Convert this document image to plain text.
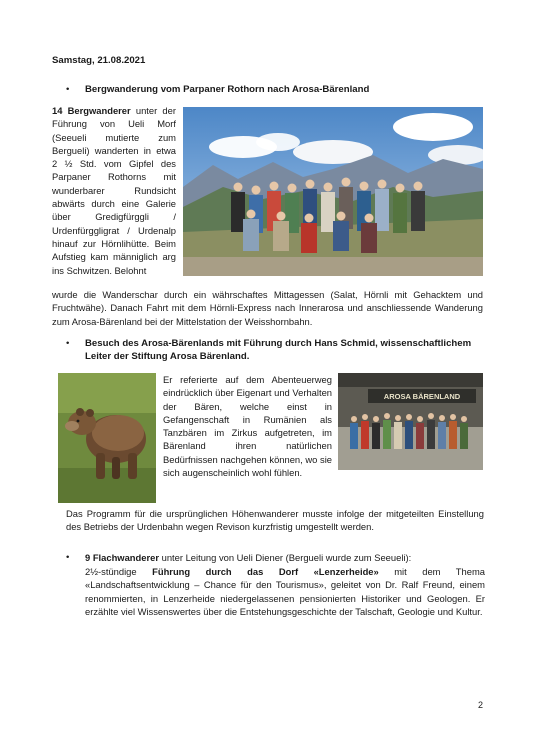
Samstag, 21.08.2021
• Bergwanderung vom Parpaner Rothorn nach Arosa-Bärenland

14 Bergwanderer unter der Führung von Ueli Morf (Seeueli mutierte zum Bergueli) wanderten in etwa 2 ½ Std. vom Gipfel des Parpaner Rothorns mit wunderbarer Rundsicht abwärts durch eine Galerie über Gredigfürggli / Urdenfürggligrat / Urdenalp hinauf zur Hörnlihütte. Beim Aufstieg kam männiglich arg ins Schwitzen. Belohnt

wurde die Wanderschar durch ein währschaftes Mittagessen (Salat, Hörnli mit Gehacktem und Fruchtwähe). Danach Fahrt mit dem Hörnli-Express nach Innerarosa und anschliessende Wanderung zum Arosa-Bärenland bei der Mittelstation der Weisshornbahn.

• Besuch des Arosa-Bärenlands mit Führung durch Hans Schmid, wissenschaftlichem Leiter der Stiftung Arosa Bärenland.

Er referierte auf dem Abenteuerweg eindrücklich über Eigenart und Verhalten der Bären, welche einst in Gefangenschaft in Rumänien als Tanzbären im Zirkus aufgetreten, im Bärenland ihren natürlichen Bedürfnissen nachgehen können, wo sie sich augenscheinlich wohl fühlen.

AROSA BÄRENLAND

Das Programm für die ursprünglichen Höhenwanderer musste infolge der mitgeteilten Einstellung des Betriebs der Urdenbahn wegen Revison kurzfristig umgestellt werden.

• 9 Flachwanderer unter Leitung von Ueli Diener (Bergueli wurde zum Seeueli):

2½-stündige Führung durch das Dorf «Lenzerheide» mit dem Thema «Landschaftsentwicklung – Chance für den Tourismus», geleitet von Dr. Ralf Freund, einem renommierten, in Lenzerheide niedergelassenen pensionierten Historiker und Geologen. Er erzählte viel Wissenswertes über die Entstehungsgeschichte der Talschaft, Geologie und Kultur.

2
